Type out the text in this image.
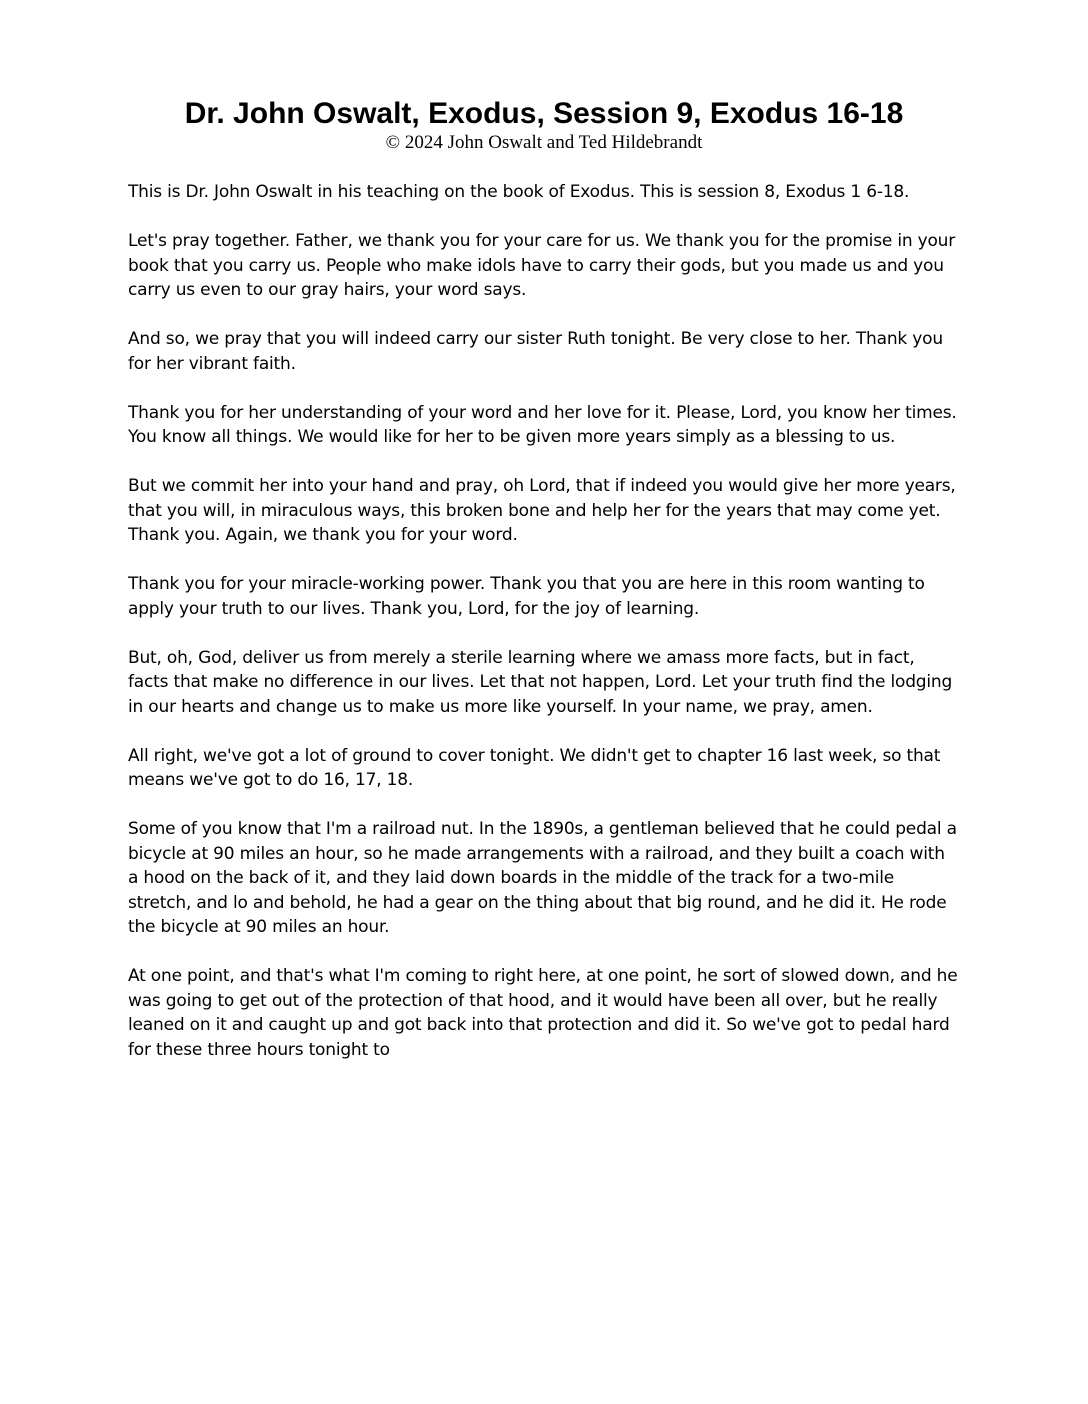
Dr. John Oswalt, Exodus, Session 9, Exodus 16-18
© 2024 John Oswalt and Ted Hildebrandt

This is Dr. John Oswalt in his teaching on the book of Exodus. This is session 8, Exodus 1 6-18.

Let's pray together. Father, we thank you for your care for us. We thank you for the promise in your book that you carry us. People who make idols have to carry their gods, but you made us and you carry us even to our gray hairs, your word says.

And so, we pray that you will indeed carry our sister Ruth tonight. Be very close to her. Thank you for her vibrant faith.

Thank you for her understanding of your word and her love for it. Please, Lord, you know her times. You know all things. We would like for her to be given more years simply as a blessing to us.

But we commit her into your hand and pray, oh Lord, that if indeed you would give her more years, that you will, in miraculous ways, this broken bone and help her for the years that may come yet. Thank you. Again, we thank you for your word.

Thank you for your miracle-working power. Thank you that you are here in this room wanting to apply your truth to our lives. Thank you, Lord, for the joy of learning.

But, oh, God, deliver us from merely a sterile learning where we amass more facts, but in fact, facts that make no difference in our lives. Let that not happen, Lord. Let your truth find the lodging in our hearts and change us to make us more like yourself. In your name, we pray, amen.

All right, we've got a lot of ground to cover tonight. We didn't get to chapter 16 last week, so that means we've got to do 16, 17, 18.

Some of you know that I'm a railroad nut. In the 1890s, a gentleman believed that he could pedal a bicycle at 90 miles an hour, so he made arrangements with a railroad, and they built a coach with a hood on the back of it, and they laid down boards in the middle of the track for a two-mile stretch, and lo and behold, he had a gear on the thing about that big round, and he did it. He rode the bicycle at 90 miles an hour.

At one point, and that's what I'm coming to right here, at one point, he sort of slowed down, and he was going to get out of the protection of that hood, and it would have been all over, but he really leaned on it and caught up and got back into that protection and did it. So we've got to pedal hard for these three hours tonight to
